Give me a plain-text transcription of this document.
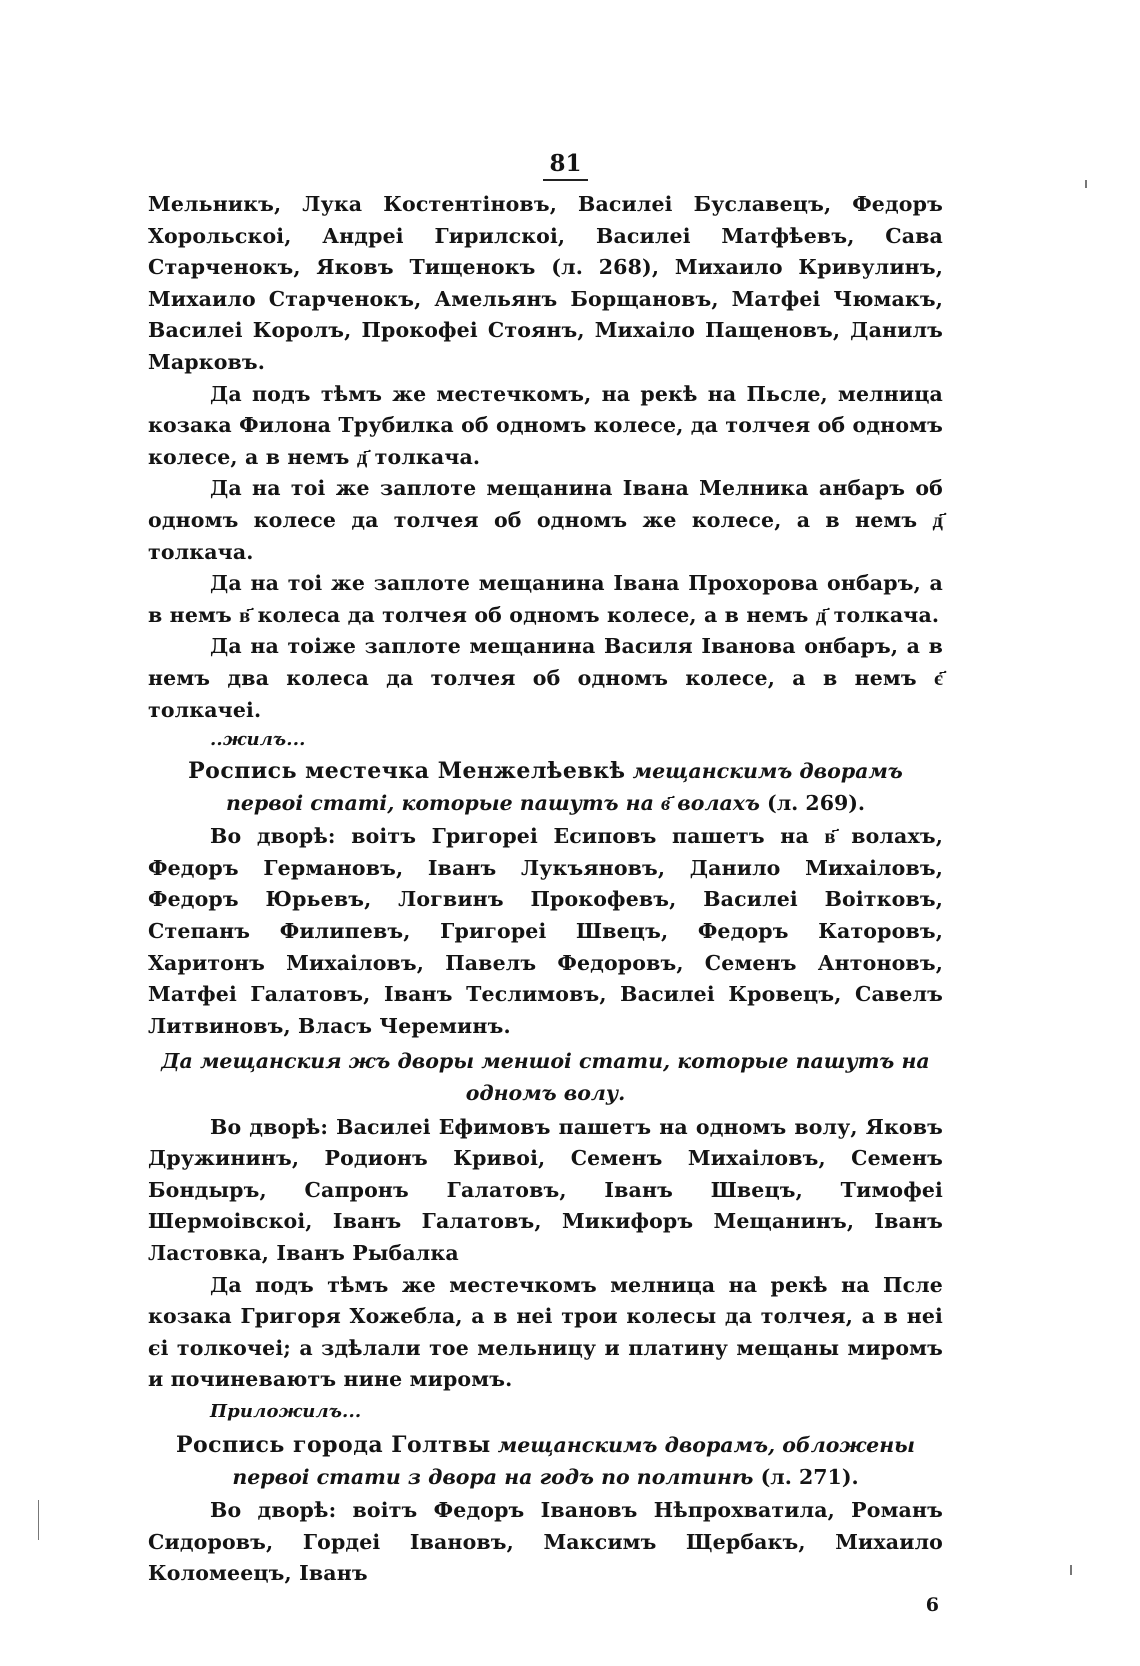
81

Мельникъ, Лука Костентіновъ, Василеі Буславецъ, Федоръ Хорольскоі, Андреі Гирилскоі, Василеі Матфѣевъ, Сава Старченокъ, Яковъ Тищенокъ (л. 268), Михаило Кривулинъ, Михаило Старченокъ, Амельянъ Борщановъ, Матфеі Чюмакъ, Василеі Королъ, Прокофеі Стоянъ, Михаіло Пащеновъ, Данилъ Марковъ.

Да подъ тѣмъ же местечкомъ, на рекѣ на Пьсле, мелница козака Филона Трубилка об одномъ колесе, да толчея об одномъ колесе, а в немъ д҃ толкача.

Да на тоі же заплоте мещанина Івана Мелника анбаръ об одномъ колесе да толчея об одномъ же колесе, а в немъ д҃ толкача.

Да на тоі же заплоте мещанина Івана Прохорова онбаръ, а в немъ в҃ колеса да толчея об одномъ колесе, а в немъ д҃ толкача.

Да на тоіже заплоте мещанина Василя Іванова онбаръ, а в немъ два колеса да толчея об одномъ колесе, а в немъ є҃ толкачеі.

..жилъ...

Роспись местечка Менжелѣевкѣ мещанскимъ дворамъ первоі статі, которые пашутъ на в҃ волахъ (л. 269).

Во дворѣ: воітъ Григореі Есиповъ пашетъ на в҃ волахъ, Федоръ Гермaновъ, Іванъ Лукъяновъ, Данило Михаіловъ, Федоръ Юрьевъ, Логвинъ Прокофевъ, Василеі Воітковъ, Степанъ Филипевъ, Григореі Швецъ, Федоръ Каторовъ, Харитонъ Михаіловъ, Павелъ Федоровъ, Семенъ Антоновъ, Матфеі Галатовъ, Іванъ Теслимовъ, Василеі Кровецъ, Савелъ Литвиновъ, Власъ Череминъ.

Да мещанския жъ дворы меншоі стати, которые пашутъ на одномъ волу.

Во дворѣ: Василеі Ефимовъ пашетъ на одномъ волу, Яковъ Дружининъ, Родионъ Кривоі, Семенъ Михаіловъ, Семенъ Бондыръ, Сапронъ Галатовъ, Іванъ Швецъ, Тимофеі Шермоівскоі, Іванъ Галатовъ, Микифоръ Мещанинъ, Іванъ Ластовка, Іванъ Рыбалка

Да подъ тѣмъ же местечкомъ мелница на рекѣ на Псле козака Григоря Хожебла, а в неі трои колесы да толчея, а в неі єі толкочеі; а здѣлали тое мельницу и платину мещаны миромъ и починеваютъ нине миромъ.

Приложилъ...

Роспись города Голтвы мещанскимъ дворамъ, обложены первоі стати з двора на годъ по полтинѣ (л. 271).

Во дворѣ: воітъ Федоръ Івановъ Нѣпрохватила, Романъ Сидоровъ, Гордеі Івановъ, Максимъ Щербакъ, Михаило Коломеецъ, Іванъ

6
